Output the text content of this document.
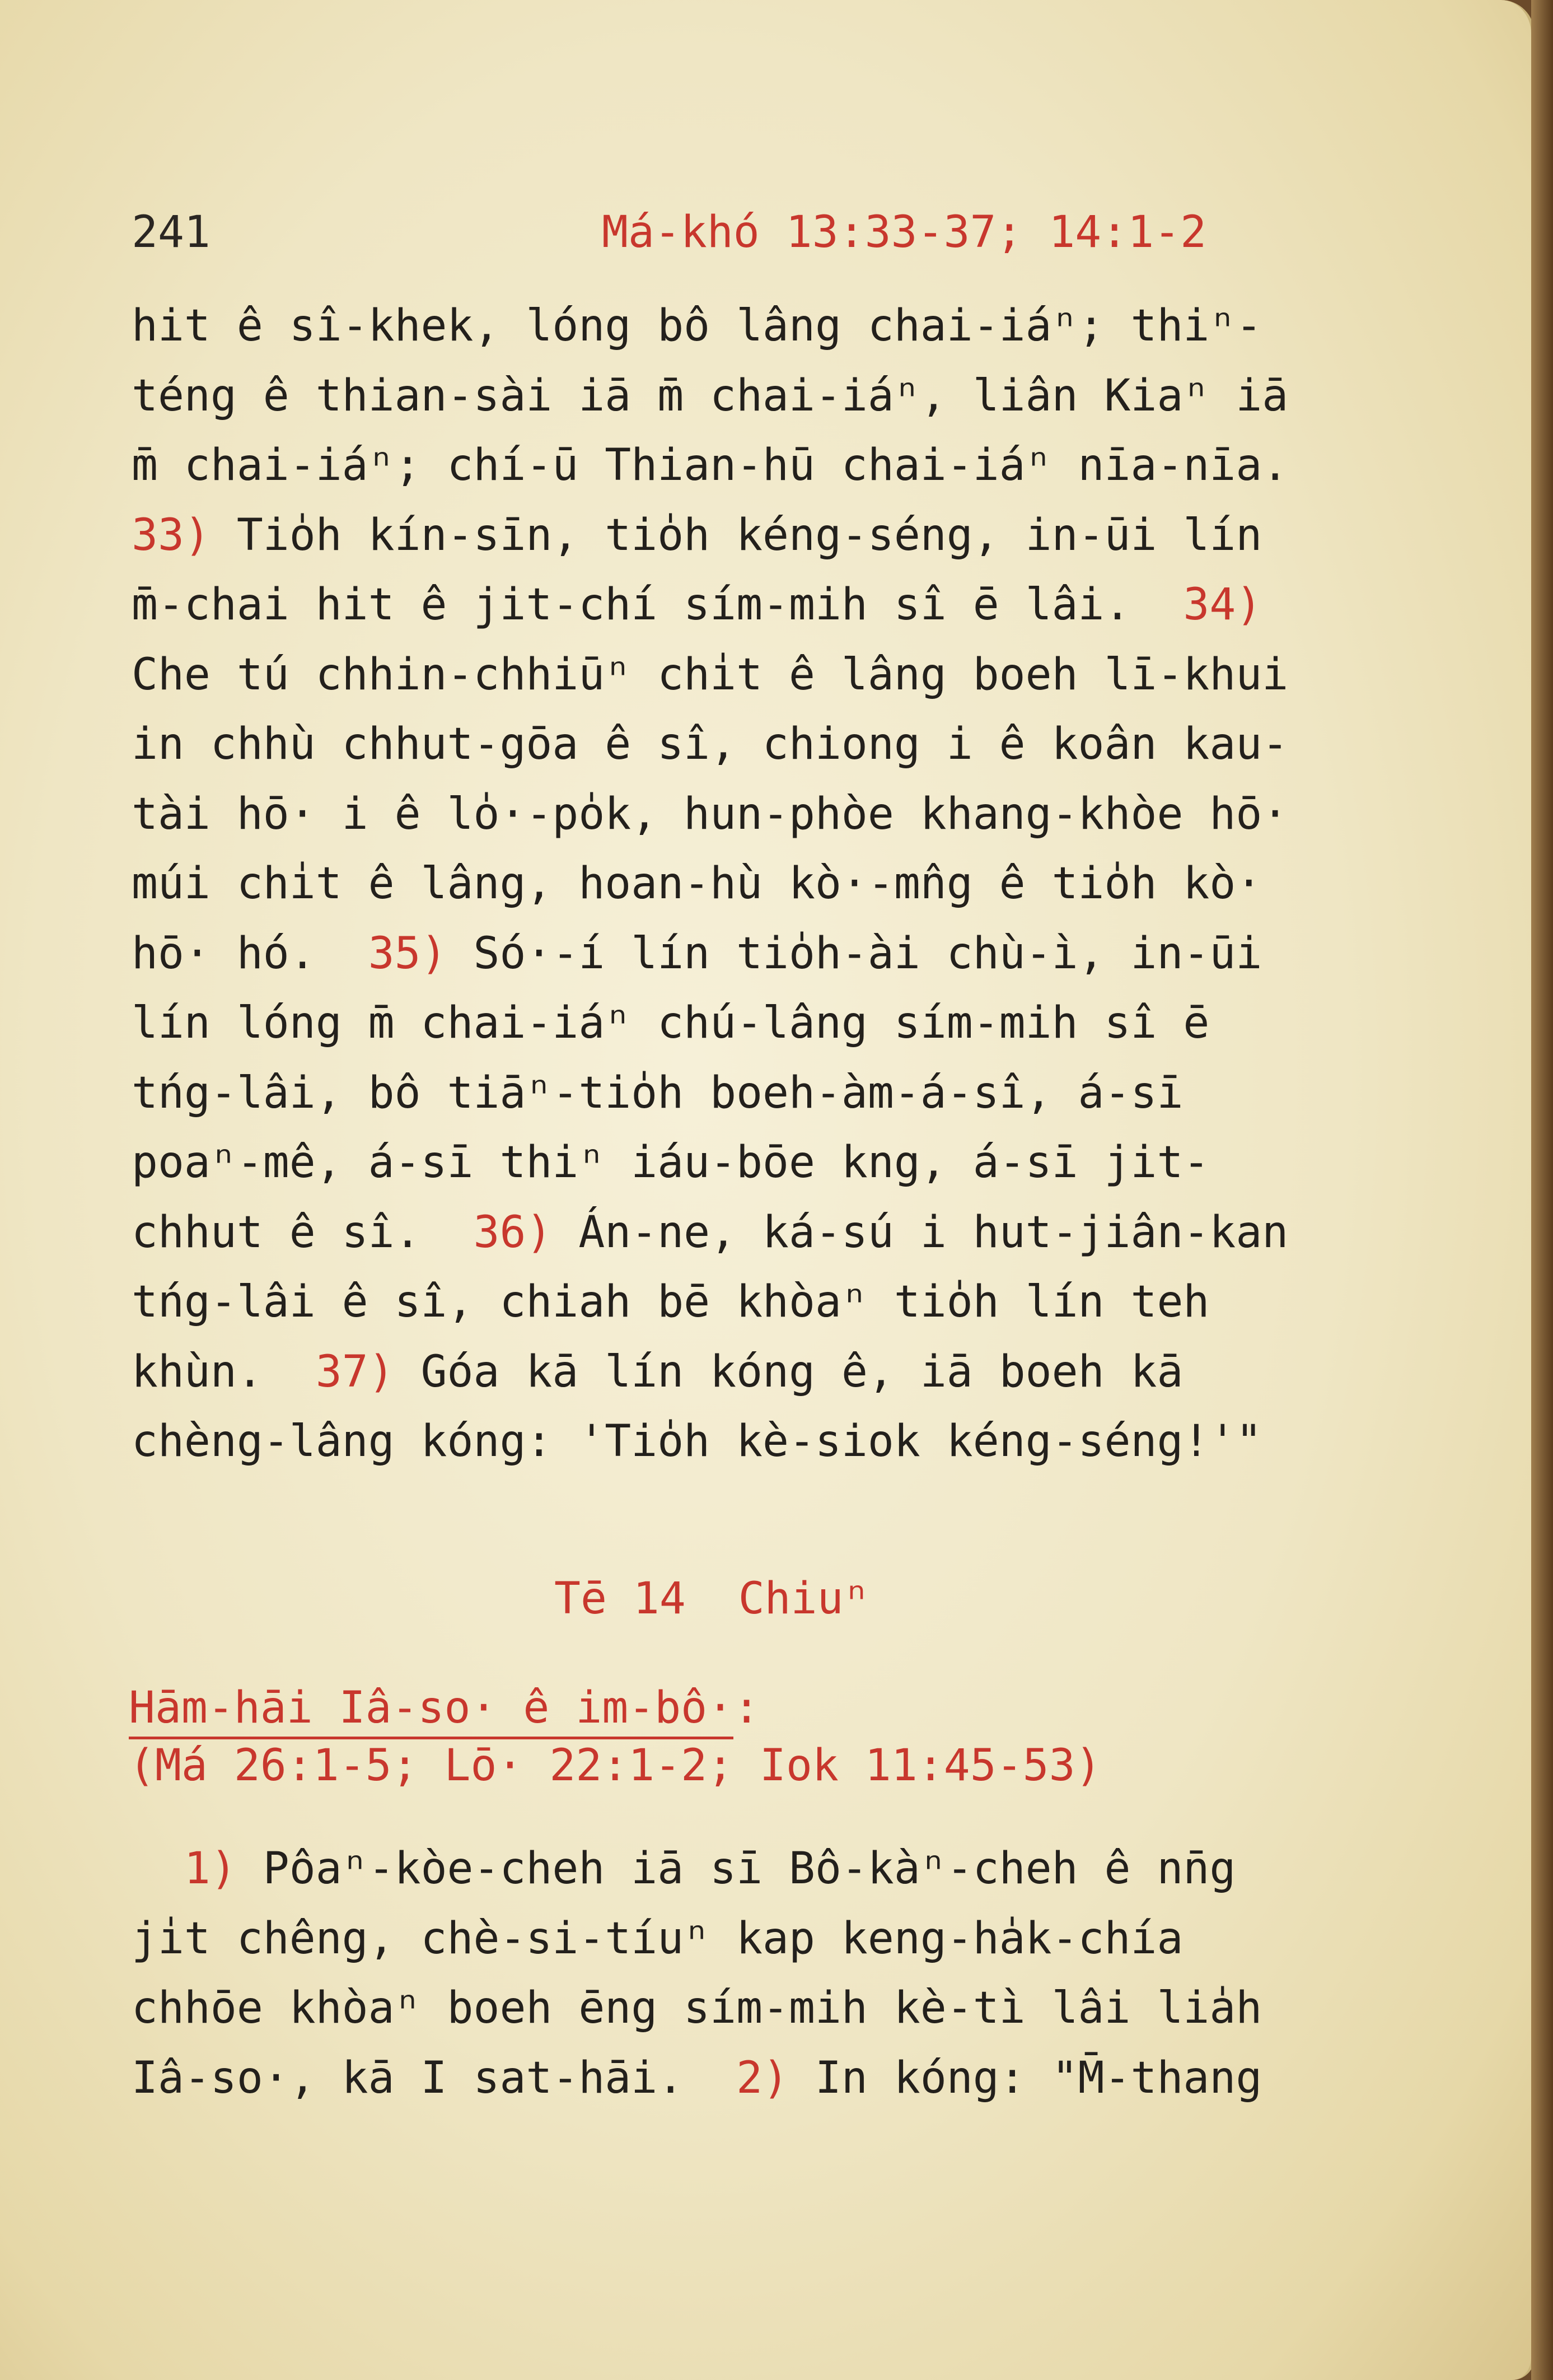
241	Má-khó 13:33-37; 14:1-2
hit ê sî-khek, lóng bô lâng chai-iáⁿ; thiⁿ-
téng ê thian-sài iā m̄ chai-iáⁿ, liân Kiaⁿ iā
m̄ chai-iáⁿ; chí-ū Thian-hū chai-iáⁿ nīa-nīa.
33) Tio̍h kín-sīn, tio̍h kéng-séng, in-ūi lín
m̄-chai hit ê jit-chí sím-mih sî ē lâi.  34)
Che tú chhin-chhiūⁿ chi̍t ê lâng boeh lī-khui
in chhù chhut-gōa ê sî, chiong i ê koân kau-
tài hō· i ê lo̍·-po̍k, hun-phòe khang-khòe hō·
múi chi̍t ê lâng, hoan-hù kò·-mn̂g ê tio̍h kò·
hō· hó.  35) Só·-í lín tio̍h-ài chù-ì, in-ūi
lín lóng m̄ chai-iáⁿ chú-lâng sím-mih sî ē
tńg-lâi, bô tiāⁿ-tio̍h boeh-àm-á-sî, á-sī
poaⁿ-mê, á-sī thiⁿ iáu-bōe kng, á-sī jit-
chhut ê sî.  36) Án-ne, ká-sú i hut-jiân-kan
tńg-lâi ê sî, chiah bē khòaⁿ tio̍h lín teh
khùn.  37) Góa kā lín kóng ê, iā boeh kā
chèng-lâng kóng: 'Tio̍h kè-siok kéng-séng!'"
Tē 14  Chiuⁿ
Hām-hāi Iâ-so· ê im-bô·:
(Má 26:1-5; Lō· 22:1-2; Iok 11:45-53)
1) Pôaⁿ-kòe-cheh iā sī Bô-kàⁿ-cheh ê nn̄g
ji̍t chêng, chè-si-tíuⁿ kap keng-ha̍k-chía
chhōe khòaⁿ boeh ēng sím-mih kè-tì lâi lia̍h
Iâ-so·, kā I sat-hāi.  2) In kóng: "M̄-thang
